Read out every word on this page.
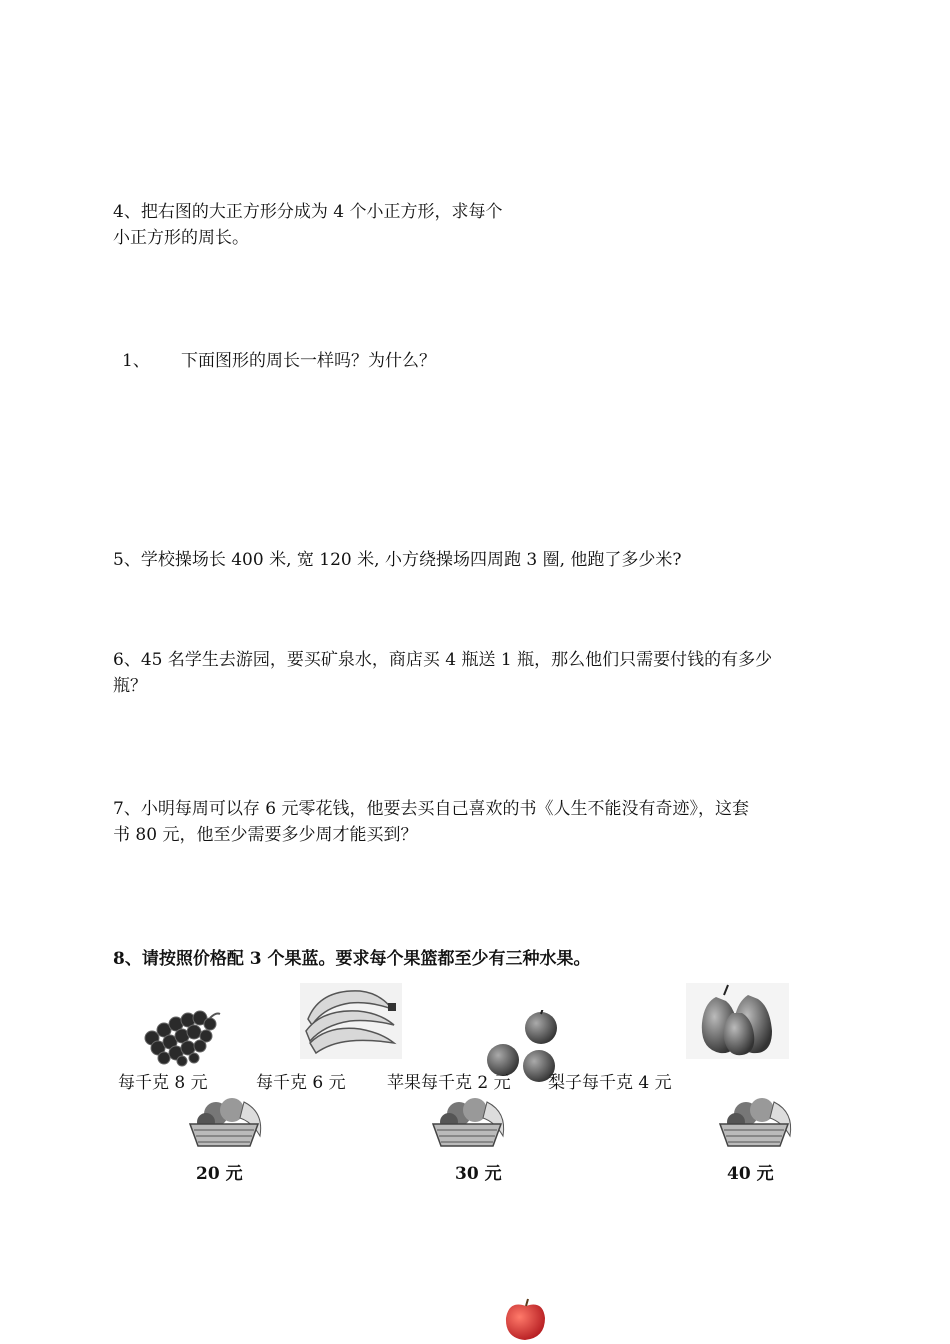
4、把右图的大正方形分成为 4 个小正方形，求每个
小正方形的周长。
1、 下面图形的周长一样吗？为什么？
5、学校操场长 400 米, 宽 120 米, 小方绕操场四周跑 3 圈, 他跑了多少米?
6、45 名学生去游园，要买矿泉水，商店买 4 瓶送 1 瓶，那么他们只需要付钱的有多少
瓶？
7、小明每周可以存 6 元零花钱，他要去买自己喜欢的书《人生不能没有奇迹》，这套
书 80 元，他至少需要多少周才能买到？
8、请按照价格配 3 个果蓝。要求每个果篮都至少有三种水果。
每千克 8 元	每千克 6 元 苹果每千克 2 元 梨子每千克 4 元
20 元	30 元	40 元
